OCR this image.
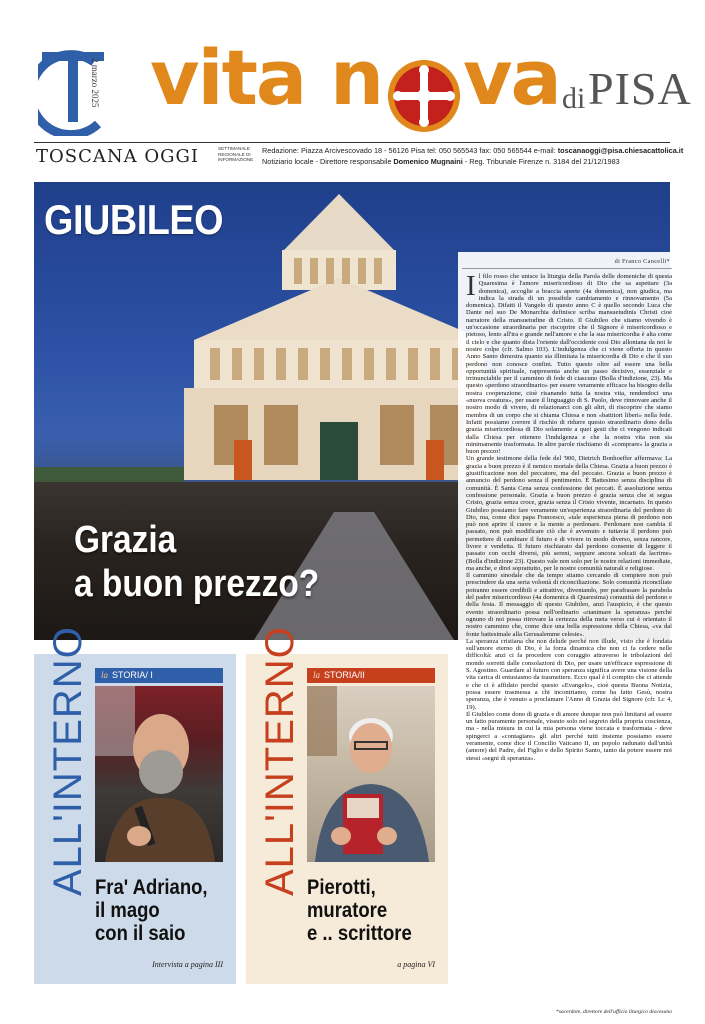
2 marzo 2025 vita va
n	di PISA
TOSCANA OGGI	SETTIMANALE REGIONALE DI INFORMAZIONE
Redazione: Piazza Arcivescovado 18 - 56126 Pisa tel: 050 565543 fax: 050 565544 e-mail: toscanaoggi@pisa.chiesacattolica.it
Notiziario locale - Direttore responsabile Domenico Mugnaini - Reg. Tribunale Firenze n. 3184 del 21/12/1983
GIUBILEO
Grazia
a buon prezzo?
di Franco Cancelli*

Il filo rosso che unisce la liturgia della Parola delle domeniche di questa Quaresima è l'amore misericordioso di Dio che sa aspettare (3a domenica), accoglie a braccia aperte (4a domenica), non giudica, ma indica la strada di un possibile cambiamento e rinnovamento (5a domenica). Difatti il Vangelo di questo anno C è quello secondo Luca che Dante nel suo De Monarchia definisce scriba mansuetudinis Christi cioè narratore della mansuetudine di Cristo. Il Giubileo che stiamo vivendo è un'occasione straordinaria per riscoprire che il Signore è misericordioso e pietoso, lento all'ira e grande nell'amore e che la sua misericordia è alta come il cielo e che quanto dista l'oriente dall'occidente così Dio allontana da noi le nostre colpe (cfr. Salmo 103). L'indulgenza che ci viene offerta in questo Anno Santo dimostra quanto sia illimitata la misericordia di Dio e che il suo perdono non conosce confini. Tutto questo oltre ad essere una bella opportunità spirituale, rappresenta anche un passo decisivo, essenziale e irrinunciabile per il cammino di fede di ciascuno (Bolla d'indizione, 23). Ma questo «perdono straordinario» per essere veramente efficace ha bisogno della nostra cooperazione, cioè risanando tutta la nostra vita, rendendoci una «nuova creatura», per usare il linguaggio di S. Paolo, deve rinnovare anche il nostro modo di vivere, di relazionarci con gli altri, di riscoprire che siamo membra di un corpo che si chiama Chiesa e non «battitori liberi» nella fede. Infatti possiamo correre il rischio di ridurre questo straordinario dono della grazia misericordiosa di Dio solamente a quei gesti che ci vengono indicati dalla Chiesa per ottenere l'indulgenza e che la nostra vita non sia minimamente trasformata. In altre parole rischiamo di «comprare» la grazia a buon prezzo!

Un grande testimone della fede del '900, Dietrich Bonhoeffer affermava: La grazia a buon prezzo è il nemico mortale della Chiesa. Grazia a buon prezzo è giustificazione non del peccatore, ma del peccato. Grazia a buon prezzo è annuncio del perdono senza il pentimento. È Battesimo senza disciplina di comunità. È Santa Cena senza confessione dei peccati. È assoluzione senza confessione personale. Grazia a buon prezzo è grazia senza che si segua Cristo, grazia senza croce, grazia senza il Cristo vivente, incarnato. In questo Giubileo possiamo fare veramente un'esperienza straordinaria del perdono di Dio, ma, come dice papa Francesco, «tale esperienza piena di perdono non può non aprire il cuore e la mente a perdonare. Perdonare non cambia il passato, non può modificare ciò che è avvenuto e tuttavia il perdono può permettere di cambiare il futuro e di vivere in modo diverso, senza rancore, livore e vendetta. Il futuro rischiarato dal perdono consente di leggere il passato con occhi diversi, più sereni, seppure ancora solcati da lacrime» (Bolla d'indizione 23). Questo vale non solo per le nostre relazioni immediate, ma anche, e direi soprattutto, per le nostre comunità naturali e religiose.

Il cammino sinodale che da tempo stiamo cercando di compiere non può prescindere da una seria volontà di riconciliazione. Solo comunità riconciliate potranno essere credibili e attrattive, diventando, per parafrasare la parabola del padre misericordioso (4a domenica di Quaresima) comunità del perdono e della festa. Il messaggio di questo Giubileo, anzi l'auspicio, è che questo evento straordinario possa nell'ordinario «rianimare la speranza» perché ognuno di noi possa ritrovare la certezza della meta verso cui è orientato il nostro cammino che, come dice una bella espressione della Chiesa, «va dal fonte battesimale alla Gerusalemme celeste».

La speranza cristiana che non delude perché non illude, visto che è fondata sull'amore eterno di Dio, è la forza dinamica che non ci fa cedere nelle difficoltà: anzi ci fa procedere con coraggio attraverso le tribolazioni del mondo sorretti dalle consolazioni di Dio, per usare un'efficace espressione di S. Agostino. Guardare al futuro con speranza significa avere una visione della vita carica di entusiasmo da trasmettere. Ecco qual è il compito che ci attende e che ci è affidato perché questo «Evangelo», cioè questa Buona Notizia, possa essere trasmessa a chi incontriamo, come ha fatto Gesù, nostra speranza, che è venuto a proclamare l'Anno di Grazia del Signore (cfr. Lc 4, 19).

Il Giubileo come dono di grazia e di amore dunque non può limitarsi ad essere un fatto puramente personale, vissuto solo nel segreto della propria coscienza, ma - nella misura in cui la mia persona viene toccata e trasformata - deve spingerci a «contagiare» gli altri perché tutti insieme possiamo essere veramente, come dice il Concilio Vaticano II, un popolo radunato dall'unità (amore) del Padre, del Figlio e dello Spirito Santo, tanto da potere essere noi stessi «segni di speranza».

*sacerdote, direttore dell'ufficio liturgico diocesano
ALL'INTERNO	la STORIA/ I
Fra' Adriano,
il mago
con il saio
Intervista a pagina III
ALL'INTERNO	la STORIA/II
Pierotti,
muratore
e .. scrittore
a pagina VI
